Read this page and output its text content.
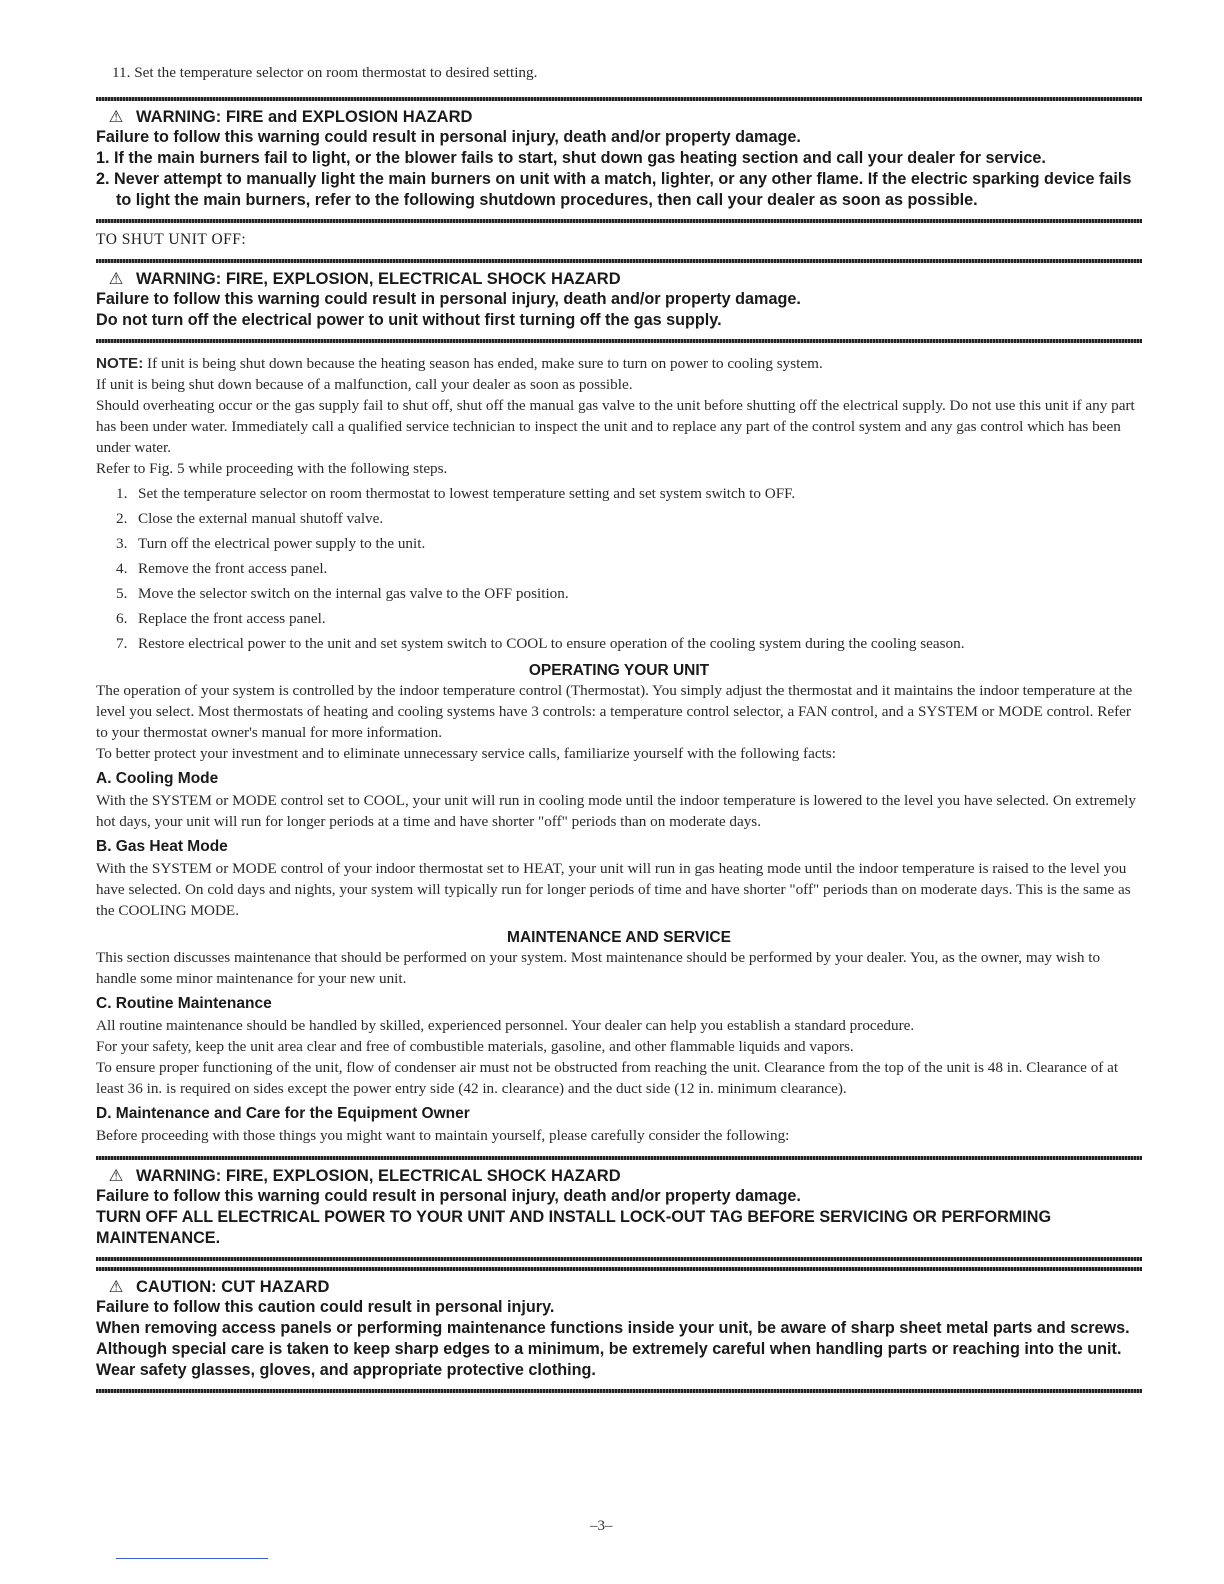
11. Set the temperature selector on room thermostat to desired setting.

⚠ WARNING: FIRE and EXPLOSION HAZARD

Failure to follow this warning could result in personal injury, death and/or property damage.

1. If the main burners fail to light, or the blower fails to start, shut down gas heating section and call your dealer for service.

2. Never attempt to manually light the main burners on unit with a match, lighter, or any other flame. If the electric sparking device fails to light the main burners, refer to the following shutdown procedures, then call your dealer as soon as possible.

TO SHUT UNIT OFF:
⚠ WARNING: FIRE, EXPLOSION, ELECTRICAL SHOCK HAZARD

Failure to follow this warning could result in personal injury, death and/or property damage.

Do not turn off the electrical power to unit without first turning off the gas supply.

NOTE: If unit is being shut down because the heating season has ended, make sure to turn on power to cooling system.

If unit is being shut down because of a malfunction, call your dealer as soon as possible.

Should overheating occur or the gas supply fail to shut off, shut off the manual gas valve to the unit before shutting off the electrical supply. Do not use this unit if any part has been under water. Immediately call a qualified service technician to inspect the unit and to replace any part of the control system and any gas control which has been under water.

Refer to Fig. 5 while proceeding with the following steps.

1. Set the temperature selector on room thermostat to lowest temperature setting and set system switch to OFF.

2. Close the external manual shutoff valve.

3. Turn off the electrical power supply to the unit.

4. Remove the front access panel.

5. Move the selector switch on the internal gas valve to the OFF position.

6. Replace the front access panel.

7. Restore electrical power to the unit and set system switch to COOL to ensure operation of the cooling system during the cooling season.

OPERATING YOUR UNIT

The operation of your system is controlled by the indoor temperature control (Thermostat). You simply adjust the thermostat and it maintains the indoor temperature at the level you select. Most thermostats of heating and cooling systems have 3 controls: a temperature control selector, a FAN control, and a SYSTEM or MODE control. Refer to your thermostat owner's manual for more information.

To better protect your investment and to eliminate unnecessary service calls, familiarize yourself with the following facts:

A. Cooling Mode

With the SYSTEM or MODE control set to COOL, your unit will run in cooling mode until the indoor temperature is lowered to the level you have selected. On extremely hot days, your unit will run for longer periods at a time and have shorter "off" periods than on moderate days.

B. Gas Heat Mode

With the SYSTEM or MODE control of your indoor thermostat set to HEAT, your unit will run in gas heating mode until the indoor temperature is raised to the level you have selected. On cold days and nights, your system will typically run for longer periods of time and have shorter "off" periods than on moderate days. This is the same as the COOLING MODE.

MAINTENANCE AND SERVICE

This section discusses maintenance that should be performed on your system. Most maintenance should be performed by your dealer. You, as the owner, may wish to handle some minor maintenance for your new unit.

C. Routine Maintenance

All routine maintenance should be handled by skilled, experienced personnel. Your dealer can help you establish a standard procedure.

For your safety, keep the unit area clear and free of combustible materials, gasoline, and other flammable liquids and vapors.

To ensure proper functioning of the unit, flow of condenser air must not be obstructed from reaching the unit. Clearance from the top of the unit is 48 in. Clearance of at least 36 in. is required on sides except the power entry side (42 in. clearance) and the duct side (12 in. minimum clearance).

D. Maintenance and Care for the Equipment Owner

Before proceeding with those things you might want to maintain yourself, please carefully consider the following:

⚠ WARNING: FIRE, EXPLOSION, ELECTRICAL SHOCK HAZARD

Failure to follow this warning could result in personal injury, death and/or property damage.

TURN OFF ALL ELECTRICAL POWER TO YOUR UNIT AND INSTALL LOCK-OUT TAG BEFORE SERVICING OR PERFORMING MAINTENANCE.

⚠ CAUTION: CUT HAZARD

Failure to follow this caution could result in personal injury.

When removing access panels or performing maintenance functions inside your unit, be aware of sharp sheet metal parts and screws. Although special care is taken to keep sharp edges to a minimum, be extremely careful when handling parts or reaching into the unit. Wear safety glasses, gloves, and appropriate protective clothing.

–3–
